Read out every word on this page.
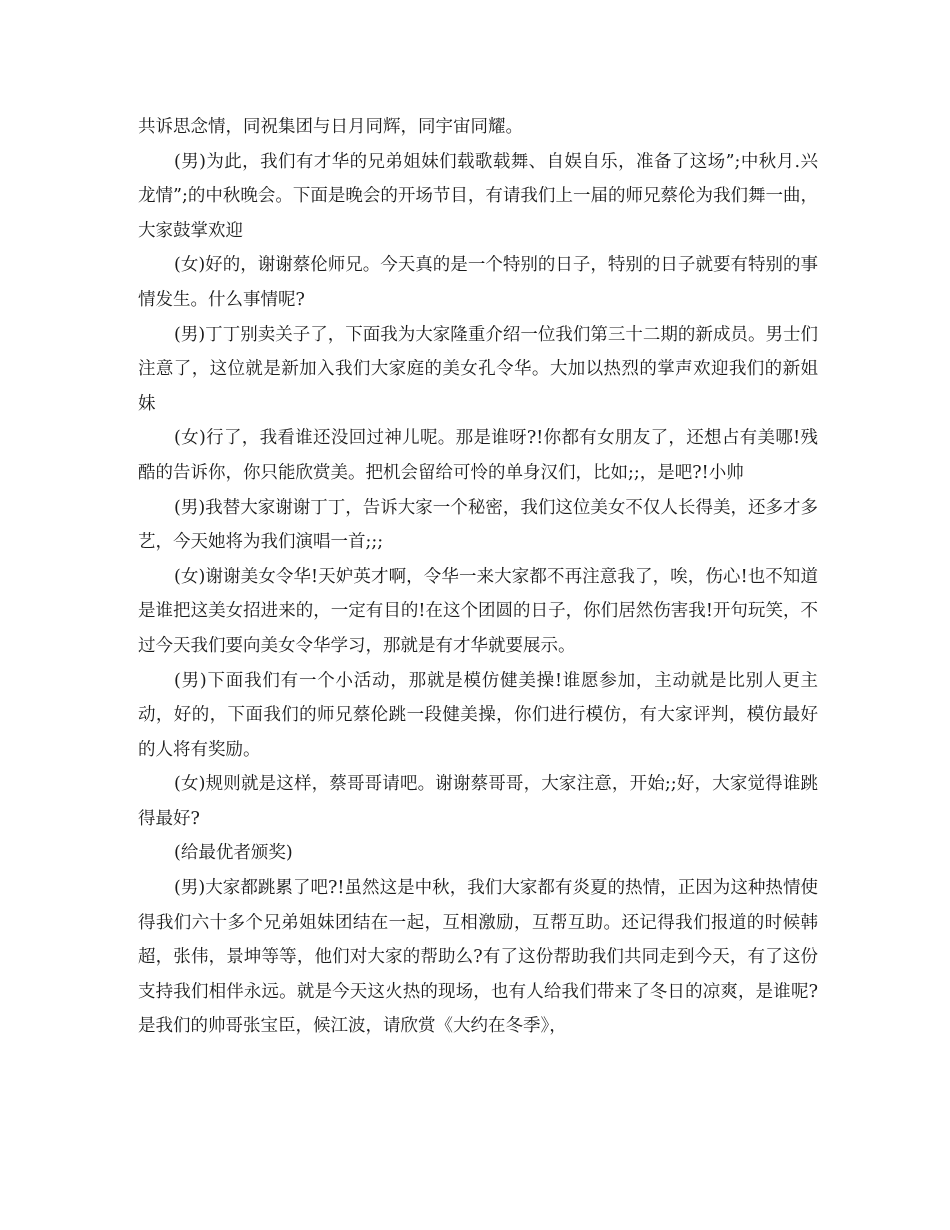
共诉思念情，同祝集团与日月同辉，同宇宙同耀。

(男)为此，我们有才华的兄弟姐妹们载歌载舞、自娱自乐，准备了这场”;中秋月.兴龙情”;的中秋晚会。下面是晚会的开场节目，有请我们上一届的师兄蔡伦为我们舞一曲，大家鼓掌欢迎

(女)好的，谢谢蔡伦师兄。今天真的是一个特别的日子，特别的日子就要有特别的事情发生。什么事情呢?

(男)丁丁别卖关子了，下面我为大家隆重介绍一位我们第三十二期的新成员。男士们注意了，这位就是新加入我们大家庭的美女孔令华。大加以热烈的掌声欢迎我们的新姐妹

(女)行了，我看谁还没回过神儿呢。那是谁呀?!你都有女朋友了，还想占有美哪!残酷的告诉你，你只能欣赏美。把机会留给可怜的单身汉们，比如;;，是吧?!小帅

(男)我替大家谢谢丁丁，告诉大家一个秘密，我们这位美女不仅人长得美，还多才多艺，今天她将为我们演唱一首;;;

(女)谢谢美女令华!天妒英才啊，令华一来大家都不再注意我了，唉，伤心!也不知道是谁把这美女招进来的，一定有目的!在这个团圆的日子，你们居然伤害我!开句玩笑，不过今天我们要向美女令华学习，那就是有才华就要展示。

(男)下面我们有一个小活动，那就是模仿健美操!谁愿参加，主动就是比别人更主动，好的，下面我们的师兄蔡伦跳一段健美操，你们进行模仿，有大家评判，模仿最好的人将有奖励。

(女)规则就是这样，蔡哥哥请吧。谢谢蔡哥哥，大家注意，开始;;好，大家觉得谁跳得最好?

(给最优者颁奖)

(男)大家都跳累了吧?!虽然这是中秋，我们大家都有炎夏的热情，正因为这种热情使得我们六十多个兄弟姐妹团结在一起，互相激励，互帮互助。还记得我们报道的时候韩超，张伟，景坤等等，他们对大家的帮助么?有了这份帮助我们共同走到今天，有了这份支持我们相伴永远。就是今天这火热的现场，也有人给我们带来了冬日的凉爽，是谁呢?是我们的帅哥张宝臣，候江波，请欣赏《大约在冬季》，
